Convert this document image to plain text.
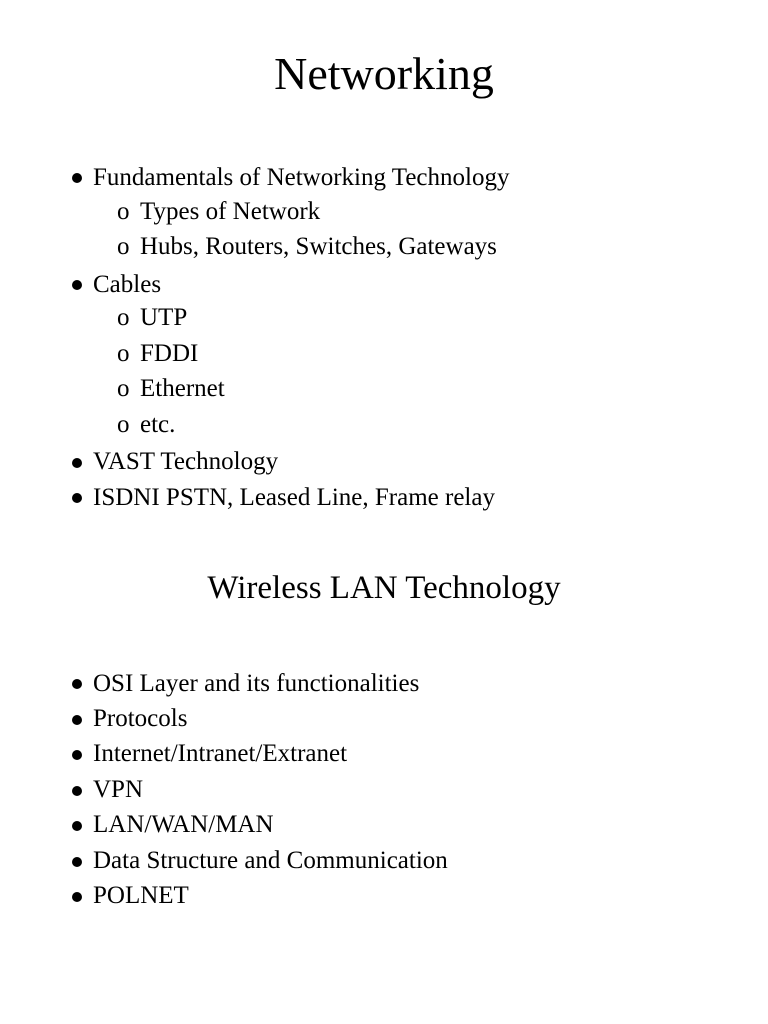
Networking
Fundamentals of Networking Technology
o Types of Network
o Hubs, Routers, Switches, Gateways
Cables
o UTP
o FDDI
o Ethernet
o etc.
VAST Technology
ISDNI PSTN, Leased Line, Frame relay
Wireless LAN Technology
OSI Layer and its functionalities
Protocols
Internet/Intranet/Extranet
VPN
LAN/WAN/MAN
Data Structure and Communication
POLNET
